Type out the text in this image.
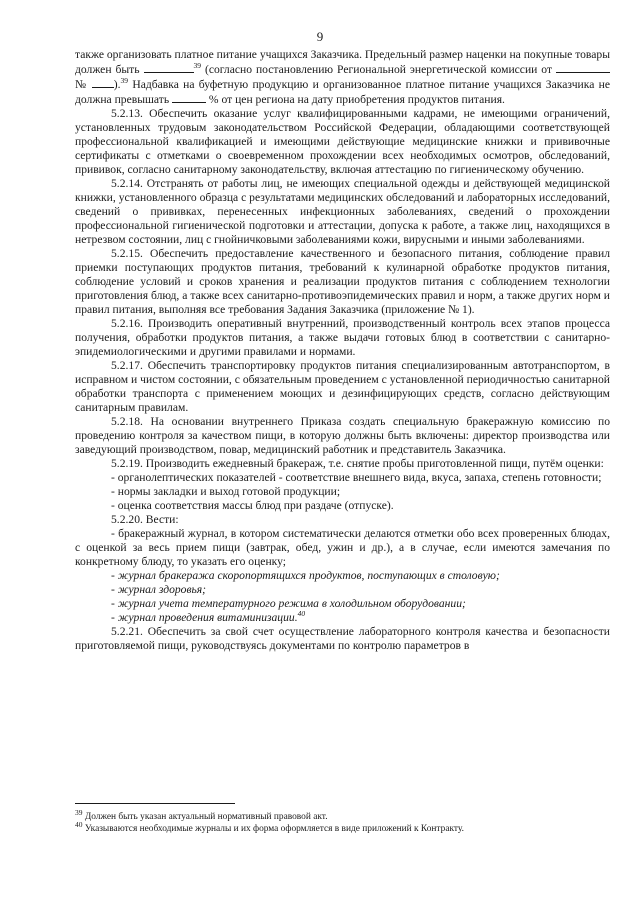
9

также организовать платное питание учащихся Заказчика. Предельный размер наценки на покупные товары должен быть	$^{39}$ (согласно постановлению Региональной энергетической комиссии от  № ).$^{39}$ Надбавка на буфетную продукцию и организованное платное питание учащихся Заказчика не должна превышать	% от цен региона на дату приобретения продуктов питания.

5.2.13. Обеспечить оказание услуг квалифицированными кадрами, не имеющими ограничений, установленных трудовым законодательством Российской Федерации, обладающими соответствующей профессиональной квалификацией и имеющими действующие медицинские книжки и прививочные сертификаты с отметками о своевременном прохождении всех необходимых осмотров, обследований, прививок, согласно санитарному законодательству, включая аттестацию по гигиеническому обучению.

5.2.14. Отстранять от работы лиц, не имеющих специальной одежды и действующей медицинской книжки, установленного образца с результатами медицинских обследований и лабораторных исследований, сведений о прививках, перенесенных инфекционных заболеваниях, сведений о прохождении профессиональной гигиенической подготовки и аттестации, допуска к работе, а также лиц, находящихся в нетрезвом состоянии, лиц с гнойничковыми заболеваниями кожи, вирусными и иными заболеваниями.

5.2.15. Обеспечить предоставление качественного и безопасного питания, соблюдение правил приемки поступающих продуктов питания, требований к кулинарной обработке продуктов питания, соблюдение условий и сроков хранения и реализации продуктов питания с соблюдением технологии приготовления блюд, а также всех санитарно-противоэпидемических правил и норм, а также других норм и правил питания, выполняя все требования Задания Заказчика (приложение № 1).

5.2.16. Производить оперативный внутренний, производственный контроль всех этапов процесса получения, обработки продуктов питания, а также выдачи готовых блюд в соответствии с санитарно-эпидемиологическими и другими правилами и нормами.

5.2.17. Обеспечить транспортировку продуктов питания специализированным автотранспортом, в исправном и чистом состоянии, с обязательным проведением с установленной периодичностью санитарной обработки транспорта с применением моющих и дезинфицирующих средств, согласно действующим санитарным правилам.

5.2.18. На основании внутреннего Приказа создать специальную бракеражную комиссию по проведению контроля за качеством пищи, в которую должны быть включены: директор производства или заведующий производством, повар, медицинский работник и представитель Заказчика.

5.2.19. Производить ежедневный бракераж, т.е. снятие пробы приготовленной пищи, путём оценки:

- органолептических показателей - соответствие внешнего вида, вкуса, запаха, степень готовности;

- нормы закладки и выход готовой продукции;

- оценка соответствия массы блюд при раздаче (отпуске).

5.2.20. Вести:

- бракеражный журнал, в котором систематически делаются отметки обо всех проверенных блюдах, с оценкой за весь прием пищи (завтрак, обед, ужин и др.), а в случае, если имеются замечания по конкретному блюду, то указать его оценку;

- журнал бракеража скоропортящихся продуктов, поступающих в столовую;

- журнал здоровья;

- журнал учета температурного режима в холодильном оборудовании;

- журнал проведения витаминизации.$^{40}$

5.2.21. Обеспечить за свой счет осуществление лабораторного контроля качества и безопасности приготовляемой пищи, руководствуясь документами по контролю параметров в

$^{39}$ Должен быть указан актуальный нормативный правовой акт.

$^{40}$ Указываются необходимые журналы и их форма оформляется в виде приложений к Контракту.
